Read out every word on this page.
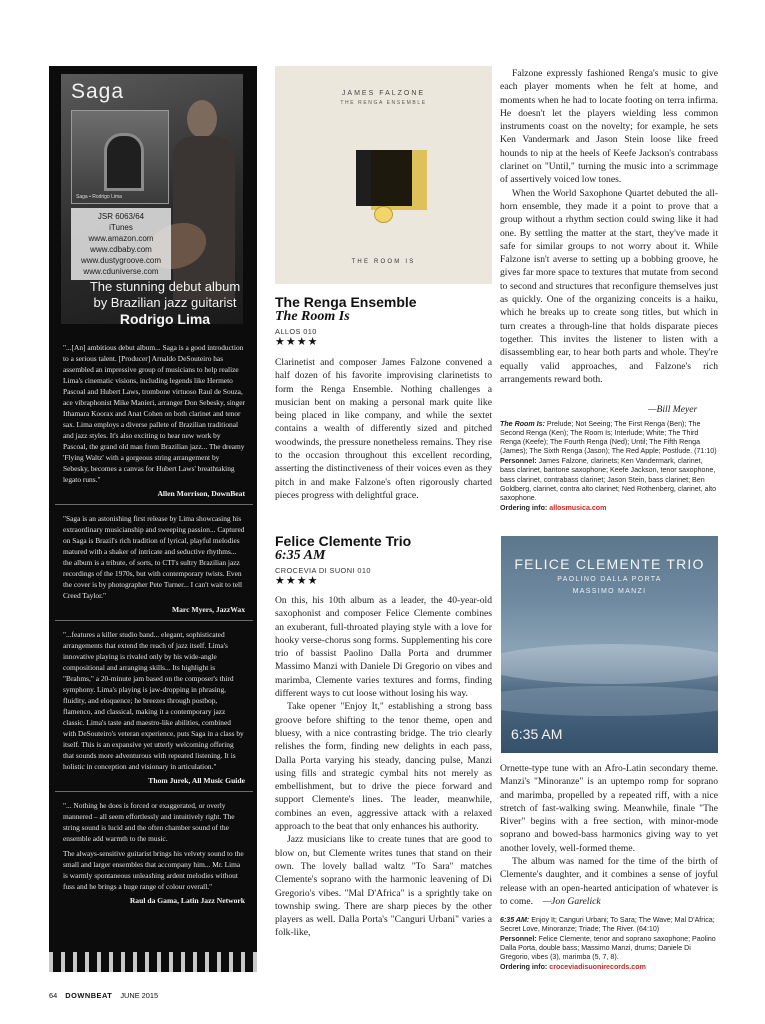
Saga
Saga • Rodrigo Lima
JSR 6063/64
iTunes
www.amazon.com
www.cdbaby.com
www.dustygroove.com
www.cduniverse.com
The stunning debut album
by Brazilian jazz guitarist
Rodrigo Lima

"...[An] ambitious debut album... Saga is a good introduction to a serious talent. [Producer] Arnaldo DeSouteiro has assembled an impressive group of musicians to help realize Lima's cinematic visions, including legends like Hermeto Pascoal and Hubert Laws, trombone virtuoso Raul de Souza, ace vibraphonist Mike Manieri, arranger Don Sebesky, singer Ithamara Koorax and Anat Cohen on both clarinet and tenor sax. Lima employs a diverse pallete of Brazilian traditional and jazz styles. It's also exciting to hear new work by Pascoal, the grand old man from Brazilian jazz... The dreamy 'Flying Waltz' with a gorgeous string arrangement by Sebesky, becomes a canvas for Hubert Laws' breathtaking legato runs."

Allen Morrison, DownBeat

"Saga is an astonishing first release by Lima showcasing his extraordinary musicianship and sweeping passion... Captured on Saga is Brazil's rich tradition of lyrical, playful melodies matured with a shaker of intricate and seductive rhythms... the album is a tribute, of sorts, to CTI's sultry Brazilian jazz recordings of the 1970s, but with contemporary twists. Even the cover is by photographer Pete Turner... I can't wait to tell Creed Taylor."

Marc Myers, JazzWax

"...features a killer studio band... elegant, sophisticated arrangements that extend the reach of jazz itself. Lima's innovative playing is rivaled only by his wide-angle compositional and arranging skills... Its highlight is "Brahms," a 20-minute jam based on the composer's third symphony. Lima's playing is jaw-dropping in phrasing, fluidity, and eloquence; he breezes through postbop, flamenco, and classical, making it a contemporary jazz classic. Lima's taste and maestro-like abilities, combined with DeSouteiro's veteran experience, puts Saga in a class by itself. This is an expansive yet utterly welcoming offering that sounds more adventurous with repeated listening. It is holistic in conception and visionary in articulation."

Thom Jurek, All Music Guide

"... Nothing he does is forced or exaggerated, or overly mannered – all seem effortlessly and intuitively right. The string sound is lucid and the often chamber sound of the ensemble add warmth to the music.

The always-sensitive guitarist brings his velvety sound to the small and larger ensembles that accompany him... Mr. Lima is warmly spontaneous unleashing ardent melodies without fuss and he brings a huge range of colour overall."

Raul da Gama, Latin Jazz Network
JAMES FALZONE
THE RENGA ENSEMBLE
THE ROOM IS
The Renga Ensemble
The Room Is
ALLOS 010
★★★★

Clarinetist and composer James Falzone convened a half dozen of his favorite improvising clarinetists to form the Renga Ensemble. Nothing challenges a musician bent on making a personal mark quite like being placed in like company, and while the sextet contains a wealth of differently sized and pitched woodwinds, the pressure nonetheless remains. They rise to the occasion throughout this excellent recording, asserting the distinctiveness of their voices even as they pitch in and make Falzone's often rigorously charted pieces progress with delightful grace.

Falzone expressly fashioned Renga's music to give each player moments when he felt at home, and moments when he had to locate footing on terra infirma. He doesn't let the players wielding less common instruments coast on the novelty; for example, he sets Ken Vandermark and Jason Stein loose like freed hounds to nip at the heels of Keefe Jackson's contrabass clarinet on "Until," turning the music into a scrimmage of assertively voiced low tones.

When the World Saxophone Quartet debuted the all-horn ensemble, they made it a point to prove that a group without a rhythm section could swing like it had one. By settling the matter at the start, they've made it safe for similar groups to not worry about it. While Falzone isn't averse to setting up a bobbing groove, he gives far more space to textures that mutate from second to second and structures that reconfigure themselves just as quickly. One of the organizing conceits is a haiku, which he breaks up to create song titles, but which in turn creates a through-line that holds disparate pieces together. This invites the listener to listen with a disassembling ear, to hear both parts and whole. They're equally valid approaches, and Falzone's rich arrangements reward both.

—Bill Meyer

The Room Is: Prelude; Not Seeing; The First Renga (Ben); The Second Renga (Ken); The Room Is; Interlude; White; The Third Renga (Keefe); The Fourth Renga (Ned); Until; The Fifth Renga (James); The Sixth Renga (Jason); The Red Apple; Postlude. (71:10)

Personnel: James Falzone, clarinets; Ken Vandermark, clarinet, bass clarinet, baritone saxophone; Keefe Jackson, tenor saxophone, bass clarinet, contrabass clarinet; Jason Stein, bass clarinet; Ben Goldberg, clarinet, contra alto clarinet; Ned Rothenberg, clarinet, alto saxophone.

Ordering info: allosmusica.com

Felice Clemente Trio
6:35 AM
CROCEVIA DI SUONI 010
★★★★

On this, his 10th album as a leader, the 40-year-old saxophonist and composer Felice Clemente combines an exuberant, full-throated playing style with a love for hooky verse-chorus song forms. Supplementing his core trio of bassist Paolino Dalla Porta and drummer Massimo Manzi with Daniele Di Gregorio on vibes and marimba, Clemente varies textures and forms, finding different ways to cut loose without losing his way.

Take opener "Enjoy It," establishing a strong bass groove before shifting to the tenor theme, open and bluesy, with a nice contrasting bridge. The trio clearly relishes the form, finding new delights in each pass, Dalla Porta varying his steady, dancing pulse, Manzi using fills and strategic cymbal hits not merely as embellishment, but to drive the piece forward and support Clemente's lines. The leader, meanwhile, combines an even, aggressive attack with a relaxed approach to the beat that only enhances his authority.

Jazz musicians like to create tunes that are good to blow on, but Clemente writes tunes that stand on their own. The lovely ballad waltz "To Sara" matches Clemente's soprano with the harmonic leavening of Di Gregorio's vibes. "Mal D'Africa" is a sprightly take on township swing. There are sharp pieces by the other players as well. Dalla Porta's "Canguri Urbani" varies a folk-like,

FELICE CLEMENTE TRIO
PAOLINO DALLA PORTA
MASSIMO MANZI
6:35 AM

Ornette-type tune with an Afro-Latin secondary theme. Manzi's "Minoranze" is an uptempo romp for soprano and marimba, propelled by a repeated riff, with a nice stretch of fast-walking swing. Meanwhile, finale "The River" begins with a free section, with minor-mode soprano and bowed-bass harmonics giving way to yet another lovely, well-formed theme.

The album was named for the time of the birth of Clemente's daughter, and it combines a sense of joyful release with an open-hearted anticipation of whatever is to come. —Jon Garelick

6:35 AM: Enjoy It; Canguri Urbani; To Sara; The Wave; Mal D'Africa; Secret Love, Minoranze; Triade; The River. (64:10)

Personnel: Felice Clemente, tenor and soprano saxophone; Paolino Dalla Porta, double bass; Massimo Manzi, drums; Daniele Di Gregorio, vibes (3), marimba (5, 7, 8).

Ordering info: croceviadisuonirecords.com

64 DOWNBEAT JUNE 2015
